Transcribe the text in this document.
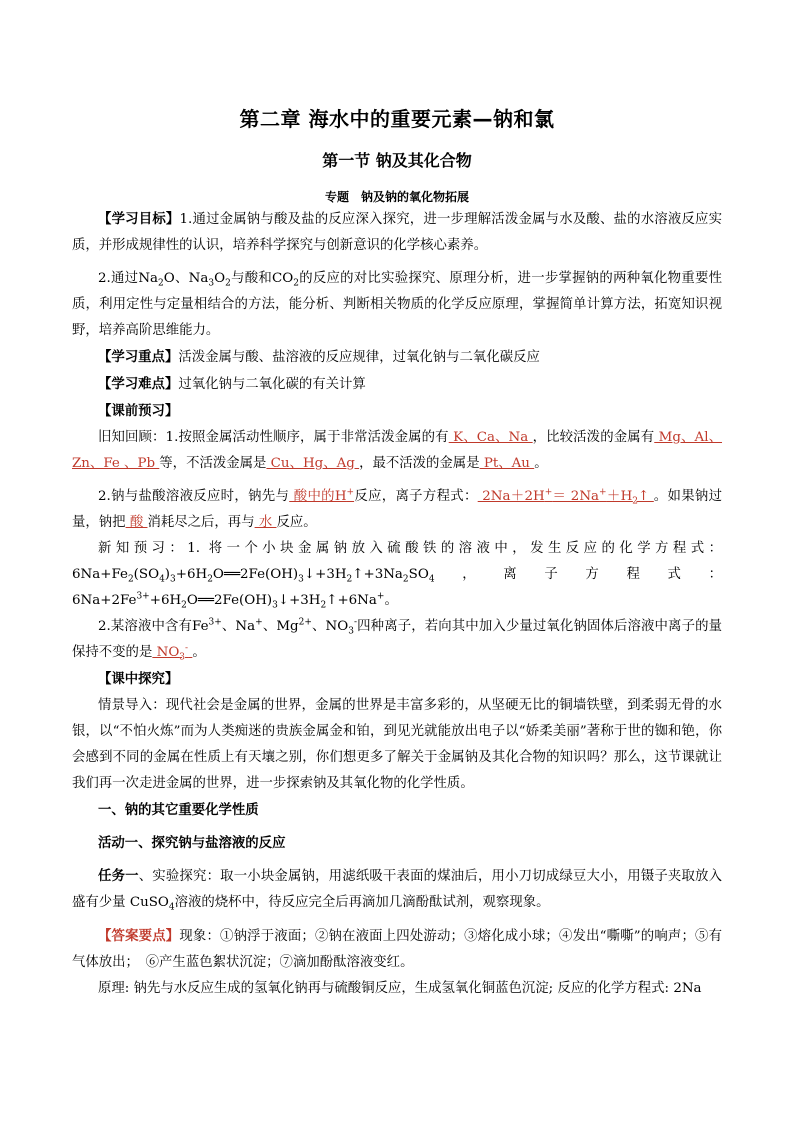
第二章 海水中的重要元素—钠和氯
第一节 钠及其化合物
专题　钠及钠的氧化物拓展

【学习目标】1.通过金属钠与酸及盐的反应深入探究，进一步理解活泼金属与水及酸、盐的水溶液反应实质，并形成规律性的认识，培养科学探究与创新意识的化学核心素养。

2.通过$Na_2O$、$Na_3O_2$与酸和$CO_2$的反应的对比实验探究、原理分析，进一步掌握钠的两种氧化物重要性质，利用定性与定量相结合的方法，能分析、判断相关物质的化学反应原理，掌握简单计算方法，拓宽知识视野，培养高阶思维能力。

【学习重点】活泼金属与酸、盐溶液的反应规律，过氧化钠与二氧化碳反应

【学习难点】过氧化钠与二氧化碳的有关计算

【课前预习】

旧知回顾：1.按照金属活动性顺序，属于非常活泼金属的有 K、Ca、Na ，比较活泼的金属有 Mg、Al、Zn、Fe 、Pb 等，不活泼金属是 Cu、Hg、Ag ，最不活泼的金属是 Pt、Au 。

2.钠与盐酸溶液反应时，钠先与 酸中的H+反应，离子方程式： $2Na+2H^+= 2Na^++H_2↑$ 。如果钠过量，钠把 酸 消耗尽之后，再与 水 反应。

新知预习：1. 将一个小块金属钠放入硫酸铁的溶液中，发生反应的化学方程式：$6Na+Fe_2(SO_4)_3+6H_2O══2Fe(OH)_3↓+3H_2↑+3Na_2SO_4$，离子方程式：$6Na+2Fe^{3+}+6H_2O══2Fe(OH)_3↓+3H_2↑+6Na^+$。

2.某溶液中含有$Fe^{3+}$、Na+、$Mg^{2+}$、$NO_3^-$四种离子，若向其中加入少量过氧化钠固体后溶液中离子的量保持不变的是 $NO_3^-$ 。

【课中探究】

情景导入：现代社会是金属的世界，金属的世界是丰富多彩的，从坚硬无比的铜墙铁壁，到柔弱无骨的水银，以“不怕火炼”而为人类痴迷的贵族金属金和铂，到见光就能放出电子以“娇柔美丽”著称于世的铷和铯，你会感到不同的金属在性质上有天壤之别，你们想更多了解关于金属钠及其化合物的知识吗？那么，这节课就让我们再一次走进金属的世界，进一步探索钠及其氧化物的化学性质。

一、钠的其它重要化学性质

活动一、探究钠与盐溶液的反应

任务一、实验探究：取一小块金属钠，用滤纸吸干表面的煤油后，用小刀切成绿豆大小，用镊子夹取放入盛有少量 CuSO$_4$溶液的烧杯中，待反应完全后再滴加几滴酚酞试剂，观察现象。

【答案要点】现象：①钠浮于液面；②钠在液面上四处游动；③熔化成小球；④发出“嘶嘶”的响声；⑤有气体放出；　⑥产生蓝色絮状沉淀；⑦滴加酚酞溶液变红。

原理: 钠先与水反应生成的氢氧化钠再与硫酸铜反应，生成氢氧化铜蓝色沉淀; 反应的化学方程式: 2Na
